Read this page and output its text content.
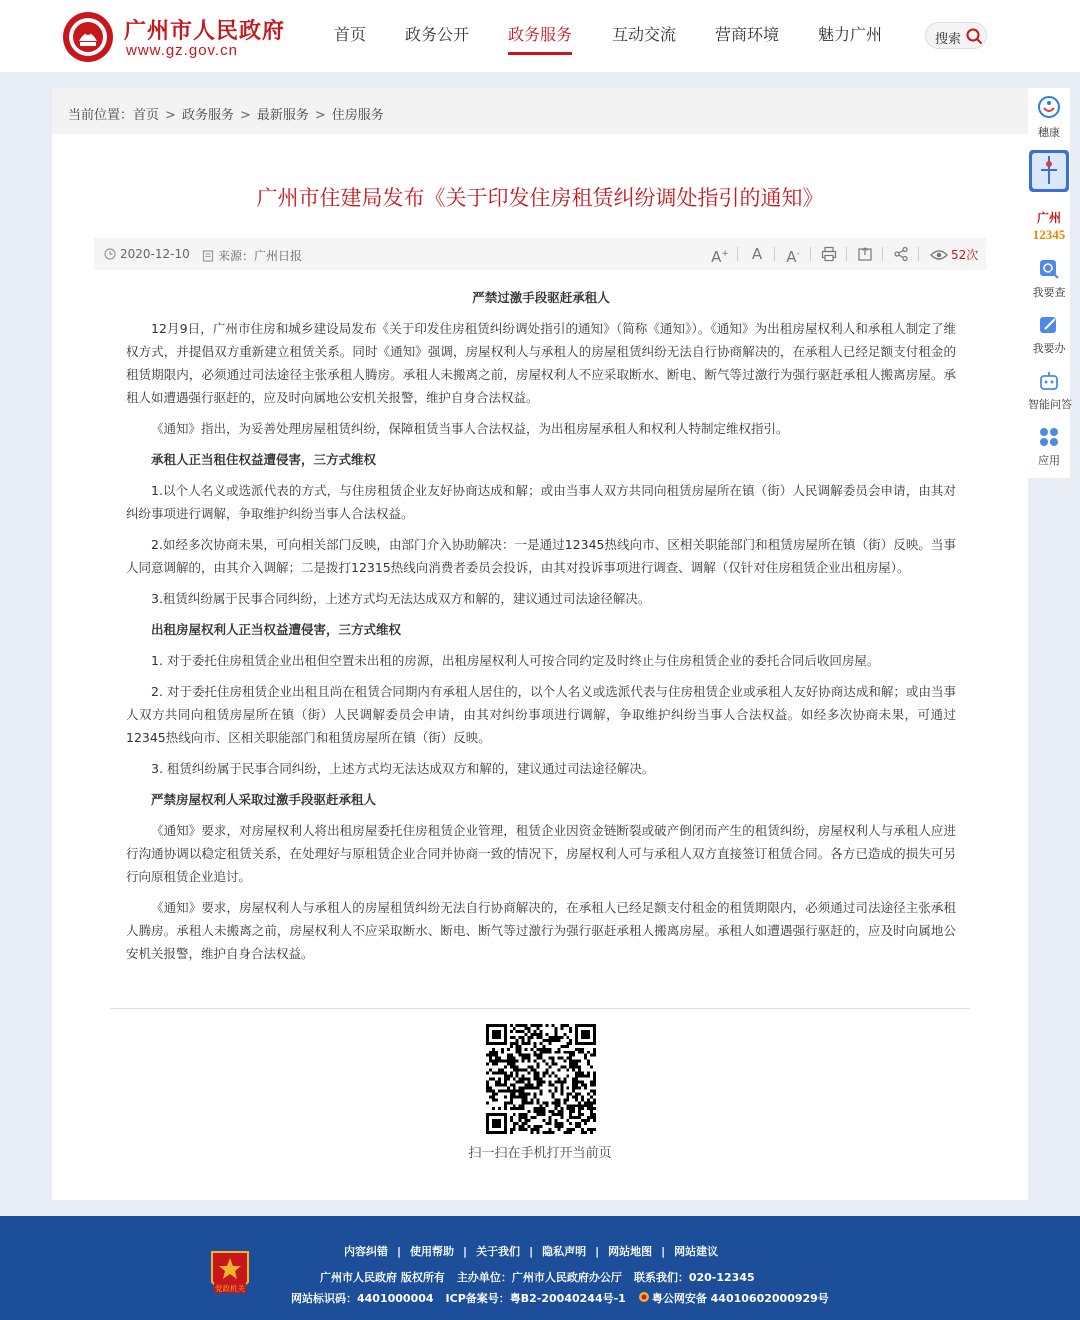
广州市人民政府
www.gz.gov.cn
首页 政务公开 政务服务 互动交流 营商环境 魅力广州	搜索
当前位置：首页 > 政务服务 > 最新服务 > 住房服务
广州市住建局发布《关于印发住房租赁纠纷调处指引的通知》
2020-12-10	来源：广州日报	A+	A	A-	52次

严禁过激手段驱赶承租人

12月9日，广州市住房和城乡建设局发布《关于印发住房租赁纠纷调处指引的通知》（简称《通知》）。《通知》为出租房屋权利人和承租人制定了维权方式，并提倡双方重新建立租赁关系。同时《通知》强调，房屋权利人与承租人的房屋租赁纠纷无法自行协商解决的，在承租人已经足额支付租金的租赁期限内，必须通过司法途径主张承租人腾房。承租人未搬离之前，房屋权利人不应采取断水、断电、断气等过激行为强行驱赶承租人搬离房屋。承租人如遭遇强行驱赶的，应及时向属地公安机关报警，维护自身合法权益。

《通知》指出，为妥善处理房屋租赁纠纷，保障租赁当事人合法权益，为出租房屋承租人和权利人特制定维权指引。

承租人正当租住权益遭侵害，三方式维权

1.以个人名义或选派代表的方式，与住房租赁企业友好协商达成和解；或由当事人双方共同向租赁房屋所在镇（街）人民调解委员会申请，由其对纠纷事项进行调解，争取维护纠纷当事人合法权益。

2.如经多次协商未果，可向相关部门反映，由部门介入协助解决：一是通过12345热线向市、区相关职能部门和租赁房屋所在镇（街）反映。当事人同意调解的，由其介入调解；二是拨打12315热线向消费者委员会投诉，由其对投诉事项进行调查、调解（仅针对住房租赁企业出租房屋）。

3.租赁纠纷属于民事合同纠纷，上述方式均无法达成双方和解的，建议通过司法途径解决。

出租房屋权利人正当权益遭侵害，三方式维权

1. 对于委托住房租赁企业出租但空置未出租的房源，出租房屋权利人可按合同约定及时终止与住房租赁企业的委托合同后收回房屋。

2. 对于委托住房租赁企业出租且尚在租赁合同期内有承租人居住的，以个人名义或选派代表与住房租赁企业或承租人友好协商达成和解；或由当事人双方共同向租赁房屋所在镇（街）人民调解委员会申请，由其对纠纷事项进行调解，争取维护纠纷当事人合法权益。如经多次协商未果，可通过 12345热线向市、区相关职能部门和租赁房屋所在镇（街）反映。

3. 租赁纠纷属于民事合同纠纷，上述方式均无法达成双方和解的，建议通过司法途径解决。

严禁房屋权利人采取过激手段驱赶承租人

《通知》要求，对房屋权利人将出租房屋委托住房租赁企业管理，租赁企业因资金链断裂或破产倒闭而产生的租赁纠纷，房屋权利人与承租人应进行沟通协调以稳定租赁关系，在处理好与原租赁企业合同并协商一致的情况下，房屋权利人可与承租人双方直接签订租赁合同。各方已造成的损失可另行向原租赁企业追讨。

《通知》要求，房屋权利人与承租人的房屋租赁纠纷无法自行协商解决的，在承租人已经足额支付租金的租赁期限内，必须通过司法途径主张承租人腾房。承租人未搬离之前，房屋权利人不应采取断水、断电、断气等过激行为强行驱赶承租人搬离房屋。承租人如遭遇强行驱赶的，应及时向属地公安机关报警，维护自身合法权益。

扫一扫在手机打开当前页
穗康
广州
12345
我要查
我要办
智能问答
应用
党政机关
内容纠错 | 使用帮助 | 关于我们 | 隐私声明 | 网站地图 | 网站建议
广州市人民政府 版权所有 主办单位：广州市人民政府办公厅 联系我们：020-12345
网站标识码：4401000004 ICP备案号：粤B2-20040244号-1 粤公网安备 44010602000929号
